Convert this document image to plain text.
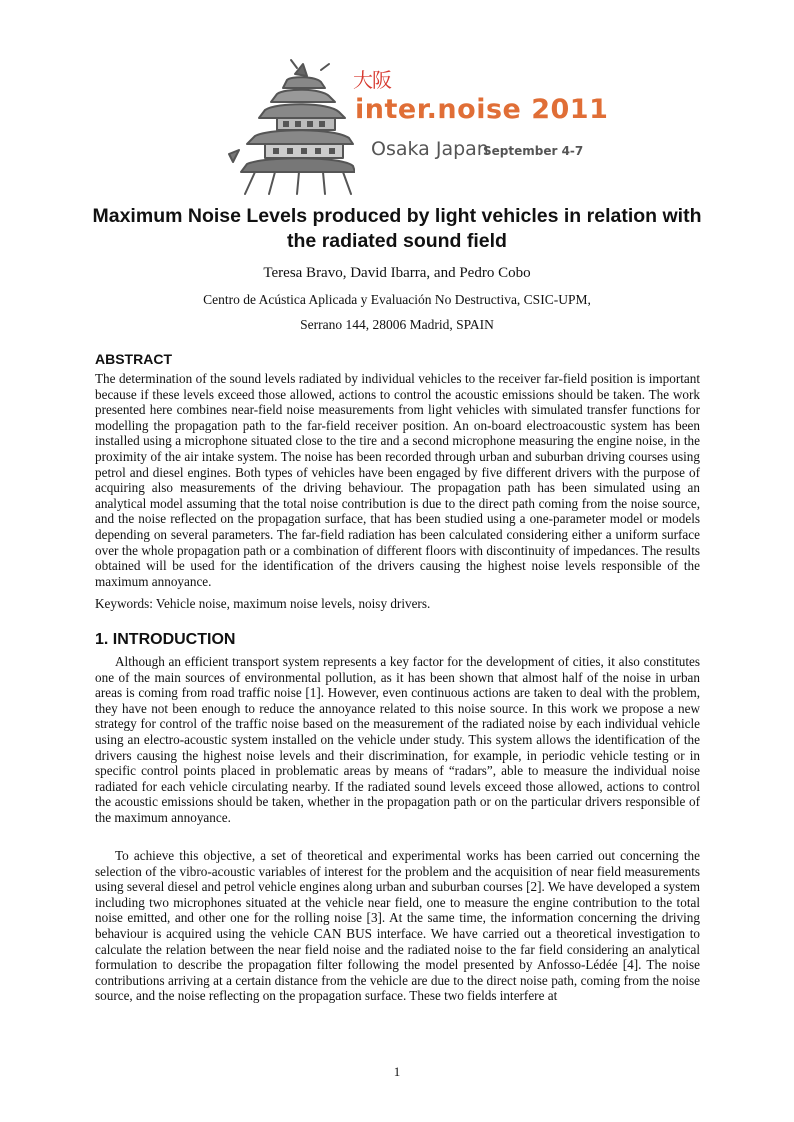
大阪
inter.noise 2011
Osaka Japan
September 4-7
Maximum Noise Levels produced by light vehicles in relation with the radiated sound field

Teresa Bravo, David Ibarra, and Pedro Cobo

Centro de Acústica Aplicada y Evaluación No Destructiva, CSIC-UPM,

Serrano 144, 28006 Madrid, SPAIN

ABSTRACT

The determination of the sound levels radiated by individual vehicles to the receiver far-field position is important because if these levels exceed those allowed, actions to control the acoustic emissions should be taken. The work presented here combines near-field noise measurements from light vehicles with simulated transfer functions for modelling the propagation path to the far-field receiver position. An on-board electroacoustic system has been installed using a microphone situated close to the tire and a second microphone measuring the engine noise, in the proximity of the air intake system. The noise has been recorded through urban and suburban driving courses using petrol and diesel engines. Both types of vehicles have been engaged by five different drivers with the purpose of acquiring also measurements of the driving behaviour. The propagation path has been simulated using an analytical model assuming that the total noise contribution is due to the direct path coming from the noise source, and the noise reflected on the propagation surface, that has been studied using a one-parameter model or models depending on several parameters. The far-field radiation has been calculated considering either a uniform surface over the whole propagation path or a combination of different floors with discontinuity of impedances. The results obtained will be used for the identification of the drivers causing the highest noise levels responsible of the maximum annoyance.

Keywords: Vehicle noise, maximum noise levels, noisy drivers.

1. INTRODUCTION

Although an efficient transport system represents a key factor for the development of cities, it also constitutes one of the main sources of environmental pollution, as it has been shown that almost half of the noise in urban areas is coming from road traffic noise [1]. However, even continuous actions are taken to deal with the problem, they have not been enough to reduce the annoyance related to this noise source. In this work we propose a new strategy for control of the traffic noise based on the measurement of the radiated noise by each individual vehicle using an electro-acoustic system installed on the vehicle under study. This system allows the identification of the drivers causing the highest noise levels and their discrimination, for example, in periodic vehicle testing or in specific control points placed in problematic areas by means of “radars”, able to measure the individual noise radiated for each vehicle circulating nearby. If the radiated sound levels exceed those allowed, actions to control the acoustic emissions should be taken, whether in the propagation path or on the particular drivers responsible of the maximum annoyance.

To achieve this objective, a set of theoretical and experimental works has been carried out concerning the selection of the vibro-acoustic variables of interest for the problem and the acquisition of near field measurements using several diesel and petrol vehicle engines along urban and suburban courses [2]. We have developed a system including two microphones situated at the vehicle near field, one to measure the engine contribution to the total noise emitted, and other one for the rolling noise [3]. At the same time, the information concerning the driving behaviour is acquired using the vehicle CAN BUS interface. We have carried out a theoretical investigation to calculate the relation between the near field noise and the radiated noise to the far field considering an analytical formulation to describe the propagation filter following the model presented by Anfosso-Lédée [4]. The noise contributions arriving at a certain distance from the vehicle are due to the direct noise path, coming from the noise source, and the noise reflecting on the propagation surface. These two fields interfere at

1
